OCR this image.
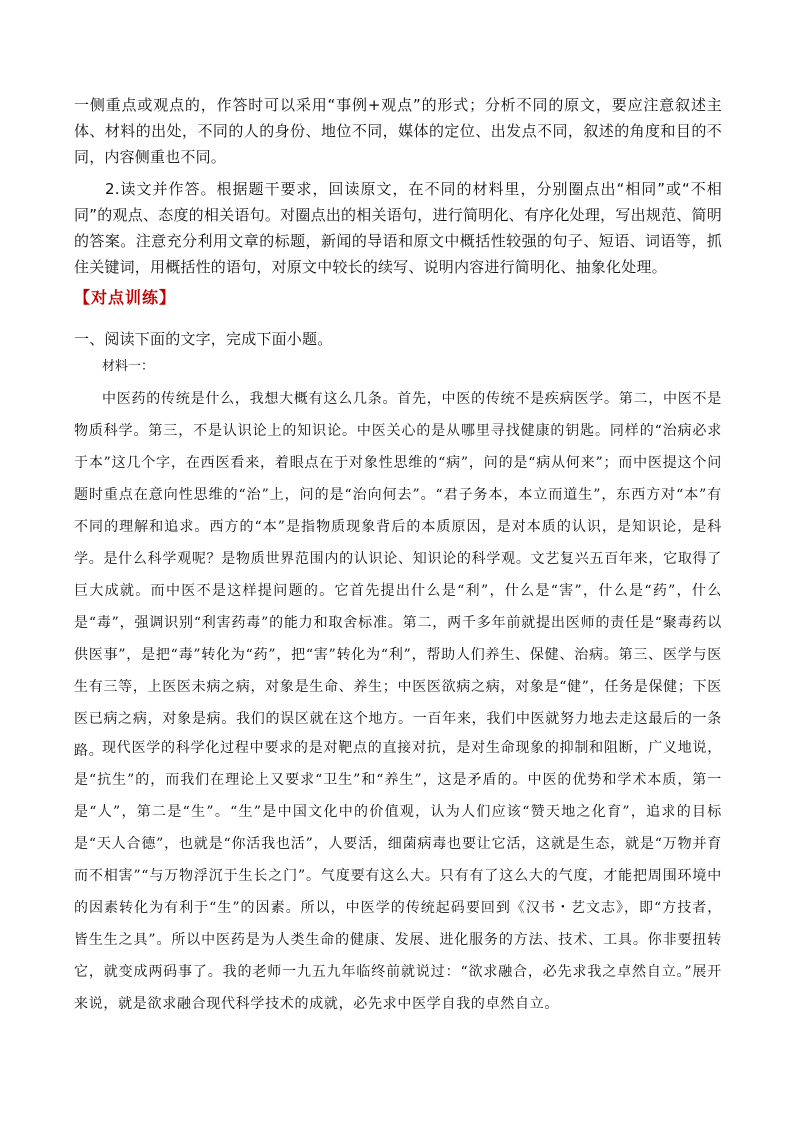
一侧重点或观点的，作答时可以采用“事例+观点”的形式；分析不同的原文，要应注意叙述主体、材料的出处，不同的人的身份、地位不同，媒体的定位、出发点不同，叙述的角度和目的不同，内容侧重也不同。

2.读文并作答。根据题干要求，回读原文，在不同的材料里，分别圈点出“相同”或“不相同”的观点、态度的相关语句。对圈点出的相关语句，进行简明化、有序化处理，写出规范、简明的答案。注意充分利用文章的标题，新闻的导语和原文中概括性较强的句子、短语、词语等，抓住关键词，用概括性的语句，对原文中较长的续写、说明内容进行简明化、抽象化处理。

【对点训练】

一、阅读下面的文字，完成下面小题。

材料一：

中医药的传统是什么，我想大概有这么几条。首先，中医的传统不是疾病医学。第二，中医不是物质科学。第三，不是认识论上的知识论。中医关心的是从哪里寻找健康的钥匙。同样的“治病必求于本”这几个字，在西医看来，着眼点在于对象性思维的“病”，问的是“病从何来”；而中医提这个问题时重点在意向性思维的“治”上，问的是“治向何去”。“君子务本，本立而道生”，东西方对“本”有不同的理解和追求。西方的“本”是指物质现象背后的本质原因，是对本质的认识，是知识论，是科学。是什么科学观呢？是物质世界范围内的认识论、知识论的科学观。文艺复兴五百年来，它取得了巨大成就。而中医不是这样提问题的。它首先提出什么是“利”，什么是“害”，什么是“药”，什么是“毒”，强调识别“利害药毒”的能力和取舍标准。第二，两千多年前就提出医师的责任是“聚毒药以供医事”，是把“毒”转化为“药”，把“害”转化为“利”，帮助人们养生、保健、治病。第三、医学与医生有三等，上医医未病之病，对象是生命、养生；中医医欲病之病，对象是“健”，任务是保健；下医医已病之病，对象是病。我们的误区就在这个地方。一百年来，我们中医就努力地去走这最后的一条路。

现代医学的科学化过程中要求的是对靶点的直接对抗，是对生命现象的抑制和阻断，广义地说，是“抗生”的，而我们在理论上又要求“卫生”和“养生”，这是矛盾的。中医的优势和学术本质，第一是“人”，第二是“生”。“生”是中国文化中的价值观，认为人们应该“赞天地之化育”，追求的目标是“天人合德”，也就是“你活我也活”，人要活，细菌病毒也要让它活，这就是生态，就是“万物并育而不相害”“与万物浮沉于生长之门”。气度要有这么大。只有有了这么大的气度，才能把周围环境中的因素转化为有利于“生”的因素。所以，中医学的传统起码要回到《汉书・艺文志》，即“方技者，皆生生之具”。所以中医药是为人类生命的健康、发展、进化服务的方法、技术、工具。你非要扭转它，就变成两码事了。我的老师一九五九年临终前就说过：“欲求融合，必先求我之卓然自立。”展开来说，就是欲求融合现代科学技术的成就，必先求中医学自我的卓然自立。
